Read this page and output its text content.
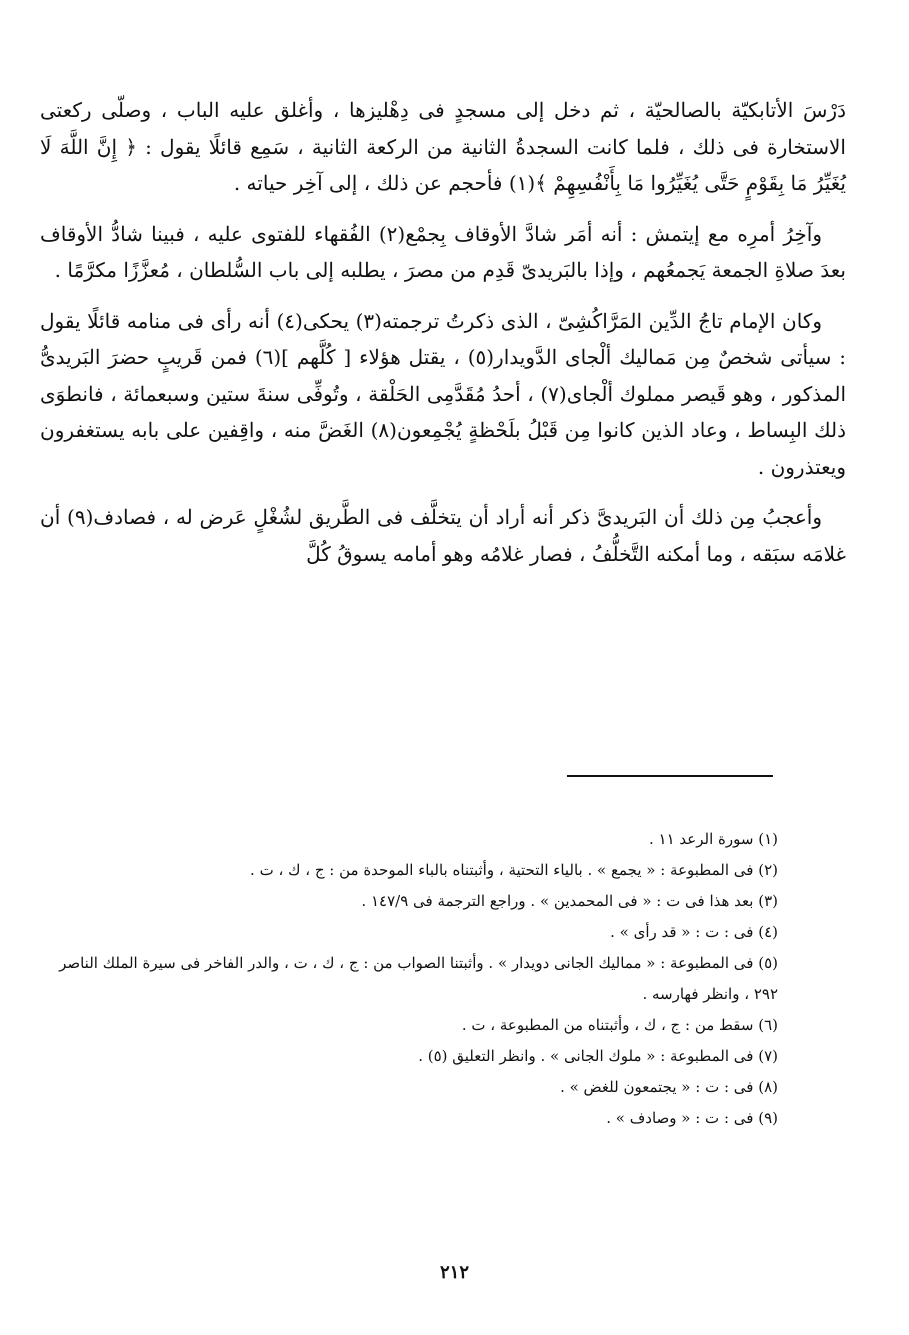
دَرْسَ الأتابكيّة بالصالحيّة ، ثم دخل إلى مسجدٍ فى دِهْليزها ، وأغلق عليه الباب ، وصلّى ركعتى الاستخارة فى ذلك ، فلما كانت السجدةُ الثانية من الركعة الثانية ، سَمِع قائلًا يقول : ﴿ إِنَّ اللَّهَ لَا يُغَيِّرُ مَا بِقَوْمٍ حَتَّى يُغَيِّرُوا مَا بِأَنْفُسِهِمْ ﴾(١) فأحجم عن ذلك ، إلى آخِر حياته .

وآخِرُ أمرِه مع إيتمش : أنه أمَر شادَّ الأوقاف بِجمْع(٢) الفُقهاء للفتوى عليه ، فبينا شادُّ الأوقاف بعدَ صلاةِ الجمعة يَجمعُهم ، وإذا بالبَريدىّ قَدِم من مصرَ ، يطلبه إلى باب السُّلطان ، مُعزَّزًا مكرَّمًا .

وكان الإمام تاجُ الدِّين المَرَّاكُشِىّ ، الذى ذكرتُ ترجمته(٣) يحكى(٤) أنه رأى فى منامه قائلًا يقول : سيأتى شخصٌ مِن مَماليك ألْجاى الدَّويدار(٥) ، يقتل هؤلاء [ كُلَّهم ](٦) فمن قَريبٍ حضرَ البَريدىُّ المذكور ، وهو قَيصر مملوك ألْجاى(٧) ، أحدُ مُقَدَّمِى الحَلْقة ، وتُوفِّى سنةَ ستين وسبعمائة ، فانطوَى ذلك البِساط ، وعاد الذين كانوا مِن قَبْلُ بلَحْظةٍ يُجْمِعون(٨) الغَضَّ منه ، واقِفين على بابه يستغفرون ويعتذرون .

وأعجبُ مِن ذلك أن البَريدىَّ ذكر أنه أراد أن يتخلَّف فى الطَّريق لشُغْلٍ عَرض له ، فصادف(٩) أن غلامَه سبَقه ، وما أمكنه التَّخلُّفُ ، فصار غلامُه وهو أمامه يسوقُ كُلَّ

(١) سورة الرعد ١١ .

(٢) فى المطبوعة : « يجمع » . بالياء التحتية ، وأثبتناه بالباء الموحدة من : ج ، ك ، ت .

(٣) بعد هذا فى ت : « فى المحمدين » . وراجع الترجمة فى ١٤٧/٩ .

(٤) فى : ت : « قد رأى » .

(٥) فى المطبوعة : « مماليك الجانى دويدار » . وأثبتنا الصواب من : ج ، ك ، ت ، والدر الفاخر فى سيرة الملك الناصر ٢٩٢ ، وانظر فهارسه .

(٦) سقط من : ج ، ك ، وأثبتناه من المطبوعة ، ت .

(٧) فى المطبوعة : « ملوك الجانى » . وانظر التعليق (٥) .

(٨) فى : ت : « يجتمعون للغض » .

(٩) فى : ت : « وصادف » .

٢١٢
